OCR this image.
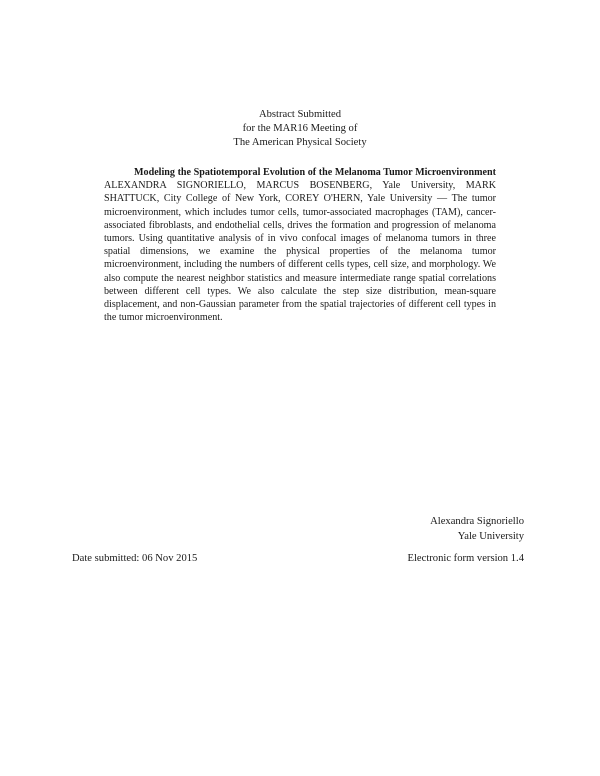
Abstract Submitted
for the MAR16 Meeting of
The American Physical Society

Modeling the Spatiotemporal Evolution of the Melanoma Tumor Microenvironment ALEXANDRA SIGNORIELLO, MARCUS BOSENBERG, Yale University, MARK SHATTUCK, City College of New York, COREY O'HERN, Yale University — The tumor microenvironment, which includes tumor cells, tumor-associated macrophages (TAM), cancer-associated fibroblasts, and endothelial cells, drives the formation and progression of melanoma tumors. Using quantitative analysis of in vivo confocal images of melanoma tumors in three spatial dimensions, we examine the physical properties of the melanoma tumor microenvironment, including the numbers of different cells types, cell size, and morphology. We also compute the nearest neighbor statistics and measure intermediate range spatial correlations between different cell types. We also calculate the step size distribution, mean-square displacement, and non-Gaussian parameter from the spatial trajectories of different cell types in the tumor microenvironment.

Alexandra Signoriello
Yale University
Date submitted: 06 Nov 2015	Electronic form version 1.4
